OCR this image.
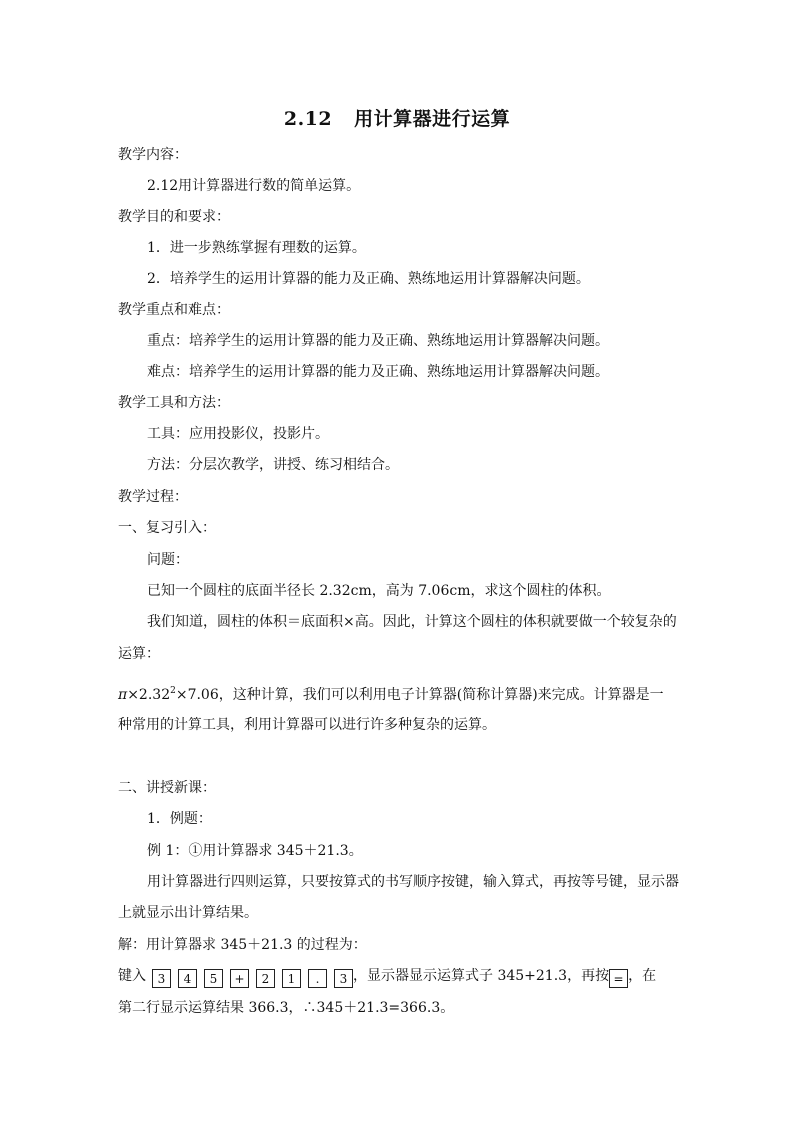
2.12 用计算器进行运算
教学内容：
2.12用计算器进行数的简单运算。
教学目的和要求：
1．进一步熟练掌握有理数的运算。
2．培养学生的运用计算器的能力及正确、熟练地运用计算器解决问题。
教学重点和难点：
重点：培养学生的运用计算器的能力及正确、熟练地运用计算器解决问题。
难点：培养学生的运用计算器的能力及正确、熟练地运用计算器解决问题。
教学工具和方法：
工具：应用投影仪，投影片。
方法：分层次教学，讲授、练习相结合。
教学过程：
一、复习引入：
问题：
已知一个圆柱的底面半径长 2.32cm，高为 7.06cm，求这个圆柱的体积。
我们知道，圆柱的体积＝底面积×高。因此，计算这个圆柱的体积就要做一个较复杂的
运算：
$\pi\times 2.32^2\times 7.06$，这种计算，我们可以利用电子计算器(简称计算器)来完成。计算器是一
种常用的计算工具，利用计算器可以进行许多种复杂的运算。
二、讲授新课：
1．例题：
例 1：①用计算器求 345＋21.3。
用计算器进行四则运算，只要按算式的书写顺序按键，输入算式，再按等号键，显示器
上就显示出计算结果。
解：用计算器求 345＋21.3 的过程为：
键入 3 4 5 + 2 1 . 3 ，显示器显示运算式子 345+21.3，再按 = ，在
第二行显示运算结果 366.3，∴345＋21.3=366.3。
